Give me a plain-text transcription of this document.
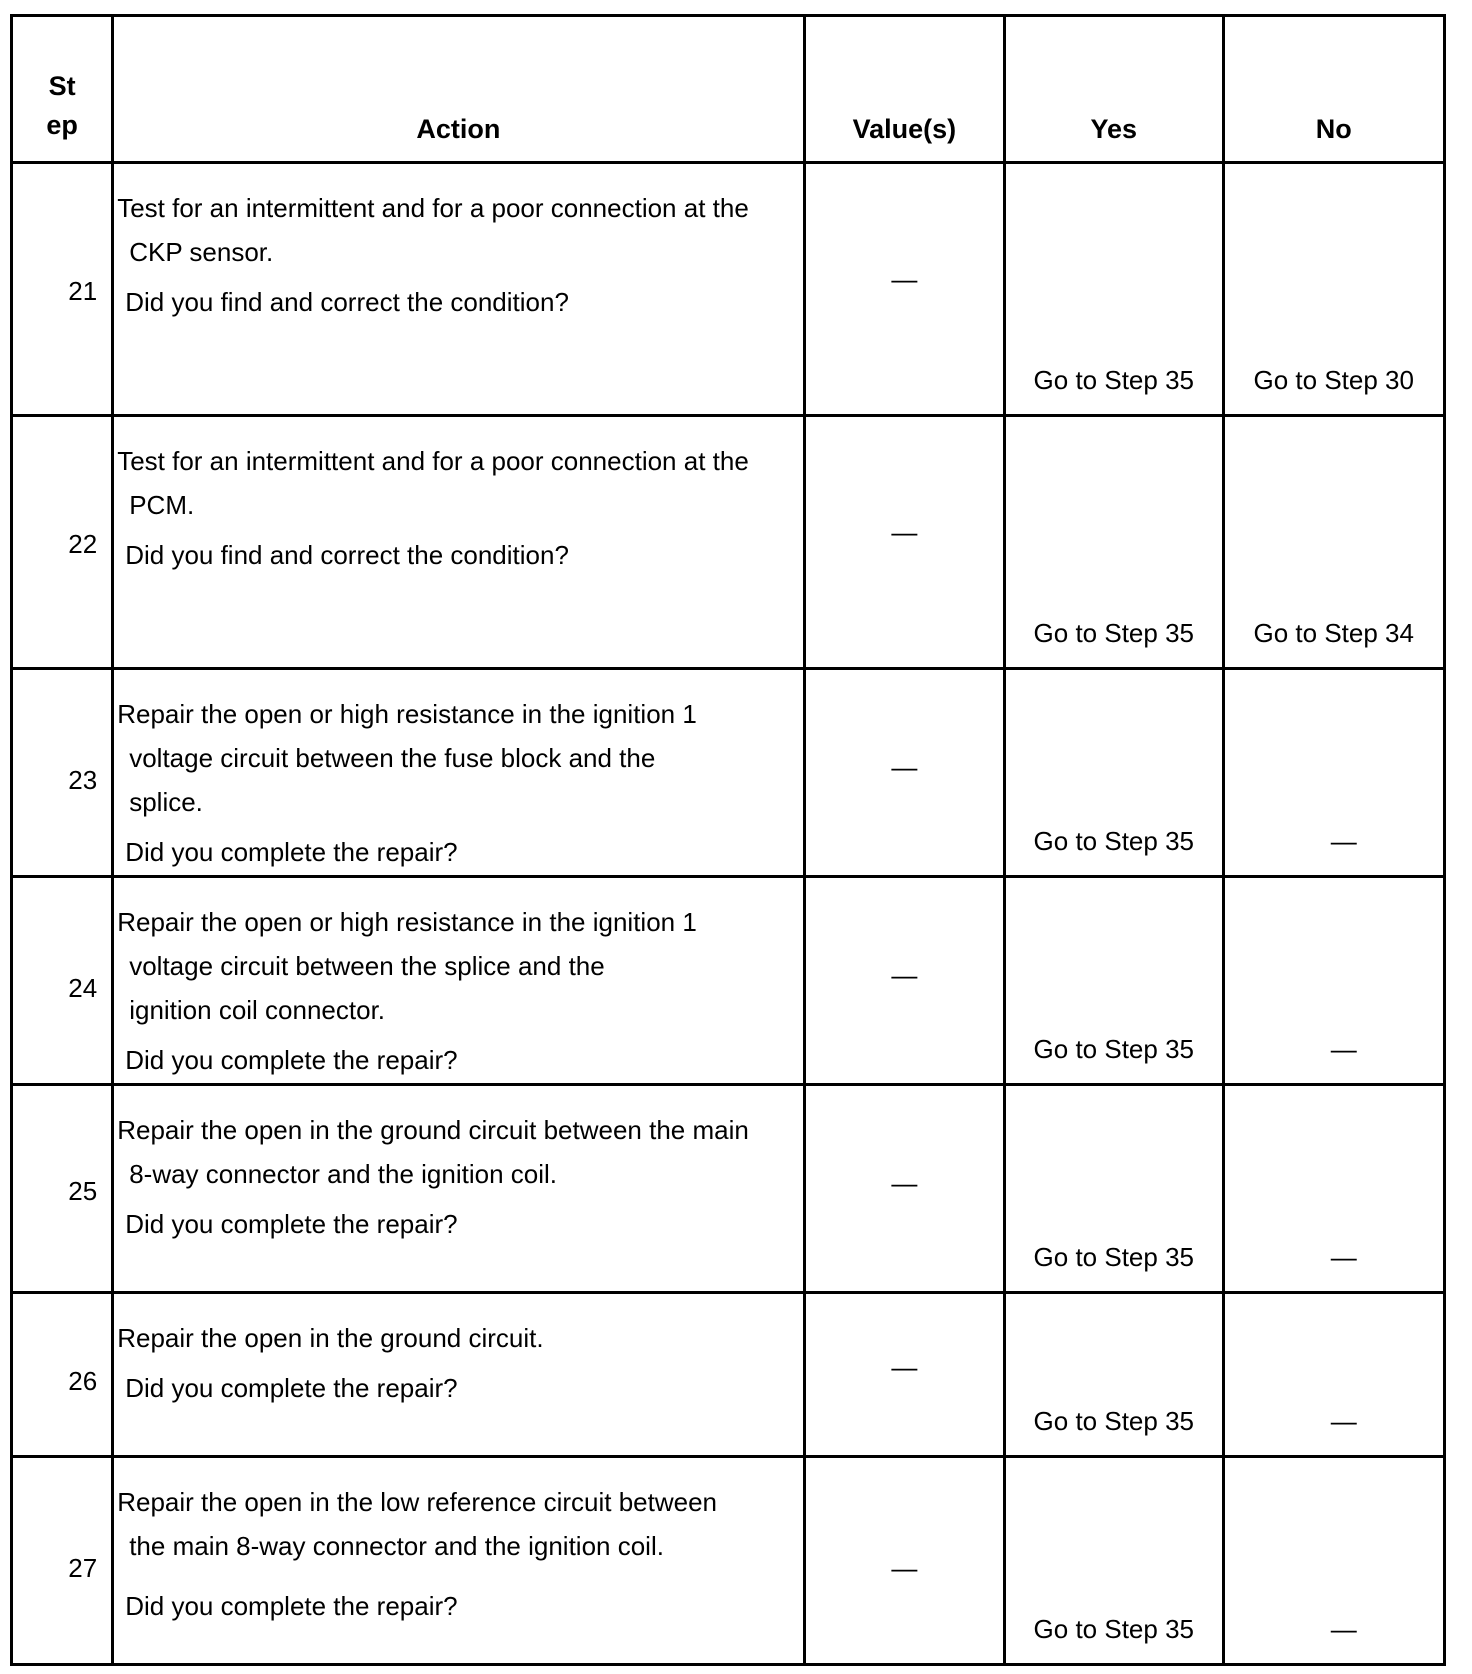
St
ep	Action	Value(s)	Yes	No

21	Test for an intermittent and for a poor connection at the
CKP sensor.
Did you find and correct the condition?	—	Go to Step 35	Go to Step 30

22	Test for an intermittent and for a poor connection at the
PCM.
Did you find and correct the condition?	—	Go to Step 35	Go to Step 34

23	Repair the open or high resistance in the ignition 1
voltage circuit between the fuse block and the
splice.
Did you complete the repair?	—	Go to Step 35	—

24	Repair the open or high resistance in the ignition 1
voltage circuit between the splice and the
ignition coil connector.
Did you complete the repair?	—	Go to Step 35	—

25	Repair the open in the ground circuit between the main
8-way connector and the ignition coil.
Did you complete the repair?	—	Go to Step 35	—

26	Repair the open in the ground circuit.
Did you complete the repair?	—	Go to Step 35	—

27	Repair the open in the low reference circuit between
the main 8-way connector and the ignition coil.
Did you complete the repair?	—	Go to Step 35	—
